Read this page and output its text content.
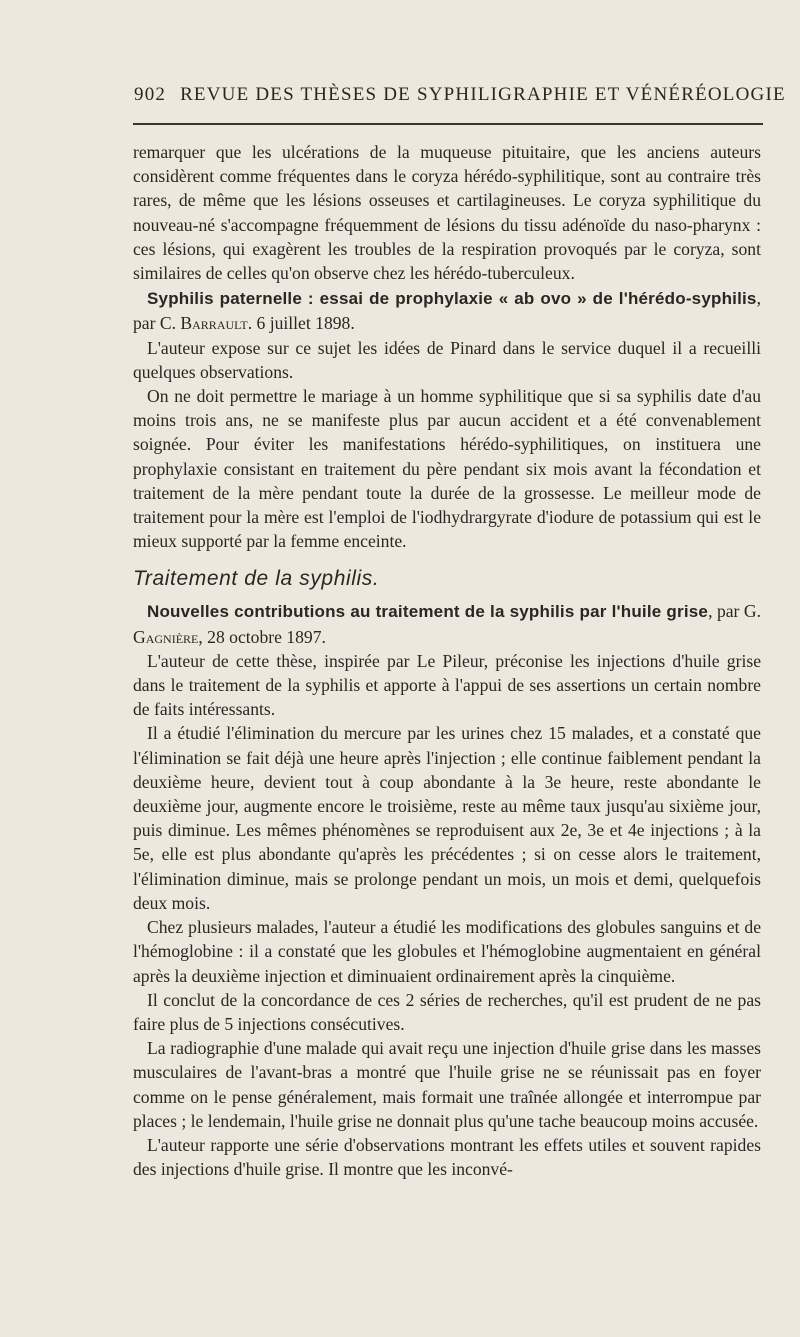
902 REVUE DES THÈSES DE SYPHILIGRAPHIE ET VÉNÉRÉOLOGIE

remarquer que les ulcérations de la muqueuse pituitaire, que les anciens auteurs considèrent comme fréquentes dans le coryza hérédo-syphilitique, sont au contraire très rares, de même que les lésions osseuses et cartilagineuses. Le coryza syphilitique du nouveau-né s'accompagne fréquemment de lésions du tissu adénoïde du naso-pharynx : ces lésions, qui exagèrent les troubles de la respiration provoqués par le coryza, sont similaires de celles qu'on observe chez les hérédo-tuberculeux.

Syphilis paternelle : essai de prophylaxie « ab ovo » de l'hérédo-syphilis, par C. Barrault. 6 juillet 1898.

L'auteur expose sur ce sujet les idées de Pinard dans le service duquel il a recueilli quelques observations.

On ne doit permettre le mariage à un homme syphilitique que si sa syphilis date d'au moins trois ans, ne se manifeste plus par aucun accident et a été convenablement soignée. Pour éviter les manifestations hérédo-syphilitiques, on instituera une prophylaxie consistant en traitement du père pendant six mois avant la fécondation et traitement de la mère pendant toute la durée de la grossesse. Le meilleur mode de traitement pour la mère est l'emploi de l'iodhydrargyrate d'iodure de potassium qui est le mieux supporté par la femme enceinte.

Traitement de la syphilis.

Nouvelles contributions au traitement de la syphilis par l'huile grise, par G. Gagnière, 28 octobre 1897.

L'auteur de cette thèse, inspirée par Le Pileur, préconise les injections d'huile grise dans le traitement de la syphilis et apporte à l'appui de ses assertions un certain nombre de faits intéressants.

Il a étudié l'élimination du mercure par les urines chez 15 malades, et a constaté que l'élimination se fait déjà une heure après l'injection ; elle continue faiblement pendant la deuxième heure, devient tout à coup abondante à la 3e heure, reste abondante le deuxième jour, augmente encore le troisième, reste au même taux jusqu'au sixième jour, puis diminue. Les mêmes phénomènes se reproduisent aux 2e, 3e et 4e injections ; à la 5e, elle est plus abondante qu'après les précédentes ; si on cesse alors le traitement, l'élimination diminue, mais se prolonge pendant un mois, un mois et demi, quelquefois deux mois.

Chez plusieurs malades, l'auteur a étudié les modifications des globules sanguins et de l'hémoglobine : il a constaté que les globules et l'hémoglobine augmentaient en général après la deuxième injection et diminuaient ordinairement après la cinquième.

Il conclut de la concordance de ces 2 séries de recherches, qu'il est prudent de ne pas faire plus de 5 injections consécutives.

La radiographie d'une malade qui avait reçu une injection d'huile grise dans les masses musculaires de l'avant-bras a montré que l'huile grise ne se réunissait pas en foyer comme on le pense généralement, mais formait une traînée allongée et interrompue par places ; le lendemain, l'huile grise ne donnait plus qu'une tache beaucoup moins accusée.

L'auteur rapporte une série d'observations montrant les effets utiles et souvent rapides des injections d'huile grise. Il montre que les inconvé-
